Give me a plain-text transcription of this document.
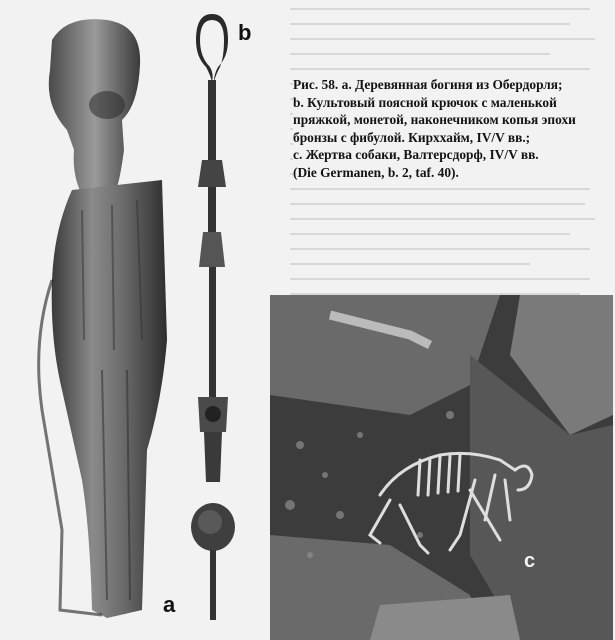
a
b
c

Рис. 58. a. Деревянная богиня из Обердорля;

b. Культовый поясной крючок с маленькой

пряжкой, монетой, наконечником копья эпохи

бронзы с фибулой. Кирххайм, IV/V вв.;

c. Жертва собаки, Валтерсдорф, IV/V вв.

(Die Germanen, b. 2, taf. 40).
